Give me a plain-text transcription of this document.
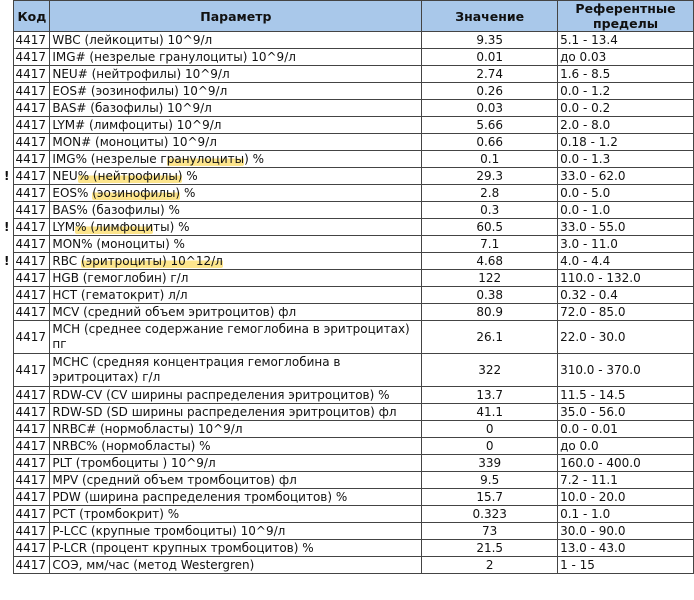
	Код	Параметр	Значение	Референтные пределы
	4417	WBC (лейкоциты) 10^9/л	9.35	5.1 - 13.4
	4417	IMG# (незрелые гранулоциты) 10^9/л	0.01	до 0.03
	4417	NEU# (нейтрофилы) 10^9/л	2.74	1.6 - 8.5
	4417	EOS# (эозинофилы) 10^9/л	0.26	0.0 - 1.2
	4417	BAS# (базофилы) 10^9/л	0.03	0.0 - 0.2
	4417	LYM# (лимфоциты) 10^9/л	5.66	2.0 - 8.0
	4417	MON# (моноциты) 10^9/л	0.66	0.18 - 1.2
	4417	IMG% (незрелые гранулоциты) %	0.1	0.0 - 1.3
!	4417	NEU% (нейтрофилы) %	29.3	33.0 - 62.0
	4417	EOS% (эозинофилы) %	2.8	0.0 - 5.0
	4417	BAS% (базофилы) %	0.3	0.0 - 1.0
!	4417	LYM% (лимфоциты) %	60.5	33.0 - 55.0
	4417	MON% (моноциты) %	7.1	3.0 - 11.0
!	4417	RBC (эритроциты) 10^12/л	4.68	4.0 - 4.4
	4417	HGB (гемоглобин) г/л	122	110.0 - 132.0
	4417	HCT (гематокрит) л/л	0.38	0.32 - 0.4
	4417	MCV (средний объем эритроцитов) фл	80.9	72.0 - 85.0
	4417	MCH (среднее содержание гемоглобина в эритроцитах) пг	26.1	22.0 - 30.0
	4417	MCHC (средняя концентрация гемоглобина в эритроцитах) г/л	322	310.0 - 370.0
	4417	RDW-CV (CV ширины распределения эритроцитов) %	13.7	11.5 - 14.5
	4417	RDW-SD (SD ширины распределения эритроцитов) фл	41.1	35.0 - 56.0
	4417	NRBC# (нормобласты) 10^9/л	0	0.0 - 0.01
	4417	NRBC% (нормобласты) %	0	до 0.0
	4417	PLT (тромбоциты ) 10^9/л	339	160.0 - 400.0
	4417	MPV (средний объем тромбоцитов) фл	9.5	7.2 - 11.1
	4417	PDW (ширина распределения тромбоцитов) %	15.7	10.0 - 20.0
	4417	PCT (тромбокрит) %	0.323	0.1 - 1.0
	4417	P-LCC (крупные тромбоциты) 10^9/л	73	30.0 - 90.0
	4417	P-LCR (процент крупных тромбоцитов) %	21.5	13.0 - 43.0
	4417	СОЭ, мм/час (метод Westergren)	2	1 - 15
